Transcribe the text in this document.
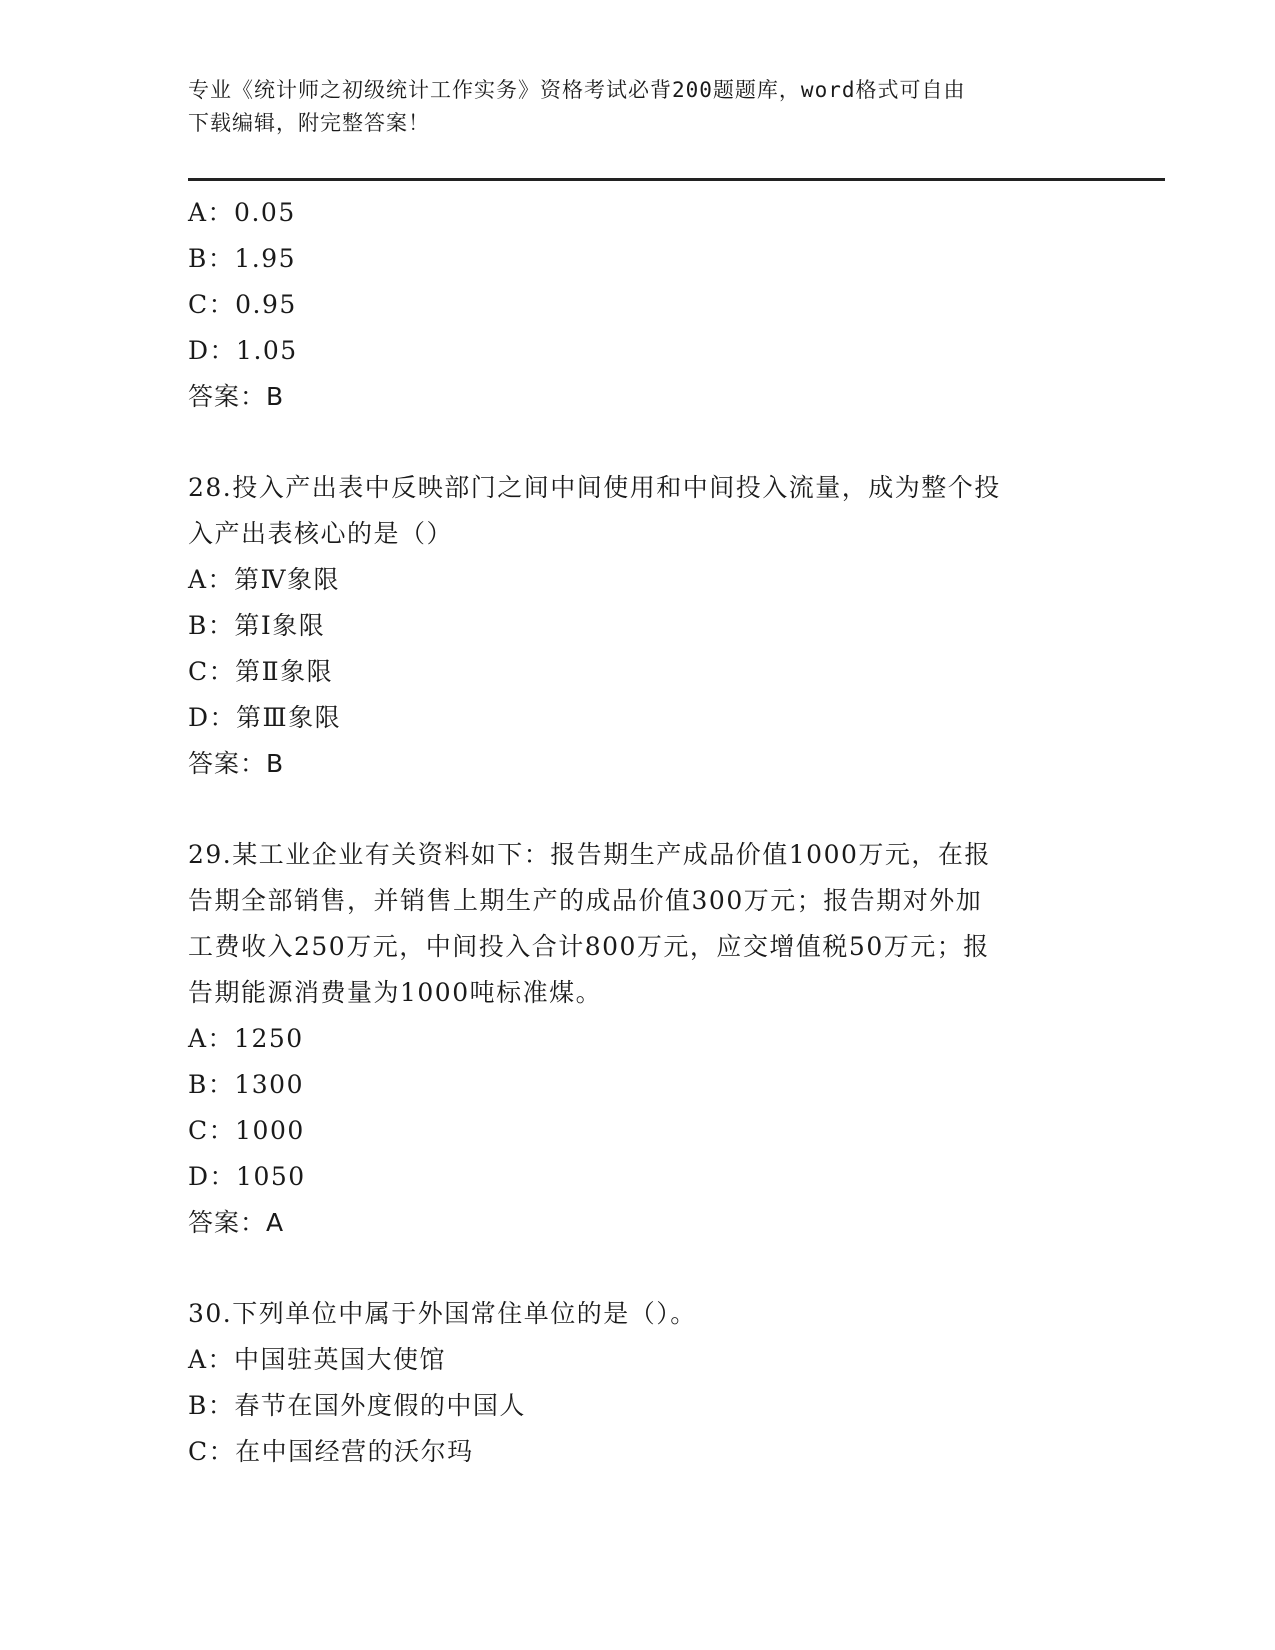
专业《统计师之初级统计工作实务》资格考试必背200题题库，word格式可自由
下载编辑，附完整答案！
A：0.05
B：1.95
C：0.95
D：1.05
答案：B
28.投入产出表中反映部门之间中间使用和中间投入流量，成为整个投
入产出表核心的是（）
A：第Ⅳ象限
B：第Ⅰ象限
C：第Ⅱ象限
D：第Ⅲ象限
答案：B
29.某工业企业有关资料如下：报告期生产成品价值1000万元，在报
告期全部销售，并销售上期生产的成品价值300万元；报告期对外加
工费收入250万元，中间投入合计800万元，应交增值税50万元；报
告期能源消费量为1000吨标准煤。
A：1250
B：1300
C：1000
D：1050
答案：A
30.下列单位中属于外国常住单位的是（）。
A：中国驻英国大使馆
B：春节在国外度假的中国人
C：在中国经营的沃尔玛
